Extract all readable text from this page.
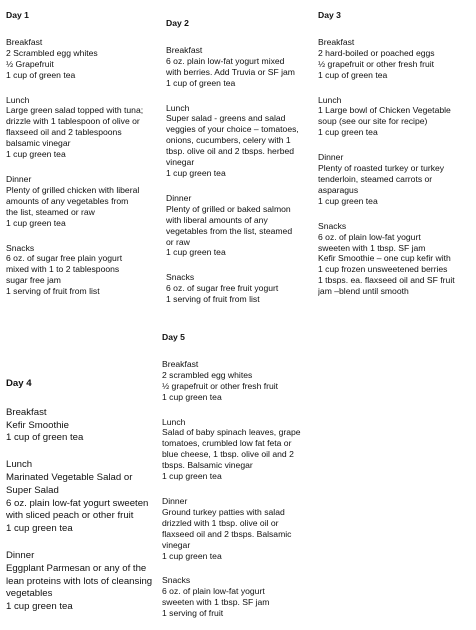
Day 1
Breakfast
2 Scrambled egg whites
½ Grapefruit
1 cup of green tea
Lunch
Large green salad topped with tuna;
drizzle with 1 tablespoon of olive or
flaxseed oil and 2 tablespoons
balsamic vinegar
1 cup green tea
Dinner
Plenty of grilled chicken with liberal
amounts of any vegetables from
the list, steamed or raw
1 cup green tea
Snacks
6 oz. of sugar free plain yogurt
mixed with 1 to 2 tablespoons
sugar free jam
1 serving of fruit from list
Day 2
Breakfast
6 oz. plain low-fat yogurt mixed
with berries. Add Truvia or SF jam
1 cup of green tea
Lunch
Super salad - greens and salad
veggies of your choice – tomatoes,
onions, cucumbers, celery with 1
tbsp. olive oil and 2 tbsps. herbed
vinegar
1 cup green tea
Dinner
Plenty of grilled or baked salmon
with liberal amounts of any
vegetables from the list, steamed
or raw
1 cup green tea
Snacks
6 oz. of sugar free fruit yogurt
1 serving of fruit from list
Day 3
Breakfast
2 hard-boiled or poached eggs
½ grapefruit or other fresh fruit
1 cup of green tea
Lunch
1 Large bowl of Chicken Vegetable
soup (see our site for recipe)
1 cup green tea
Dinner
Plenty of roasted turkey or turkey
tenderloin, steamed carrots or
asparagus
1 cup green tea
Snacks
6 oz. of plain low-fat yogurt
sweeten with 1 tbsp. SF jam
Kefir Smoothie – one cup kefir with
1 cup frozen unsweetened berries
1 tbsps. ea. flaxseed oil and SF fruit
jam –blend until smooth
Day 4
Breakfast
Kefir Smoothie
1 cup of green tea
Lunch
Marinated Vegetable Salad or
Super Salad
6 oz. plain low-fat yogurt sweeten
with sliced peach or other fruit
1 cup green tea
Dinner
Eggplant Parmesan or any of the
lean proteins with lots of cleansing
vegetables
1 cup green tea
Day 5
Breakfast
2 scrambled egg whites
½ grapefruit or other fresh fruit
1 cup green tea
Lunch
Salad of baby spinach leaves, grape
tomatoes, crumbled low fat feta or
blue cheese, 1 tbsp. olive oil and 2
tbsps. Balsamic vinegar
1 cup green tea
Dinner
Ground turkey patties with salad
drizzled with 1 tbsp. olive oil or
flaxseed oil and 2 tbsps. Balsamic
vinegar
1 cup green tea
Snacks
6 oz. of plain low-fat yogurt
sweeten with 1 tbsp. SF jam
1 serving of fruit
